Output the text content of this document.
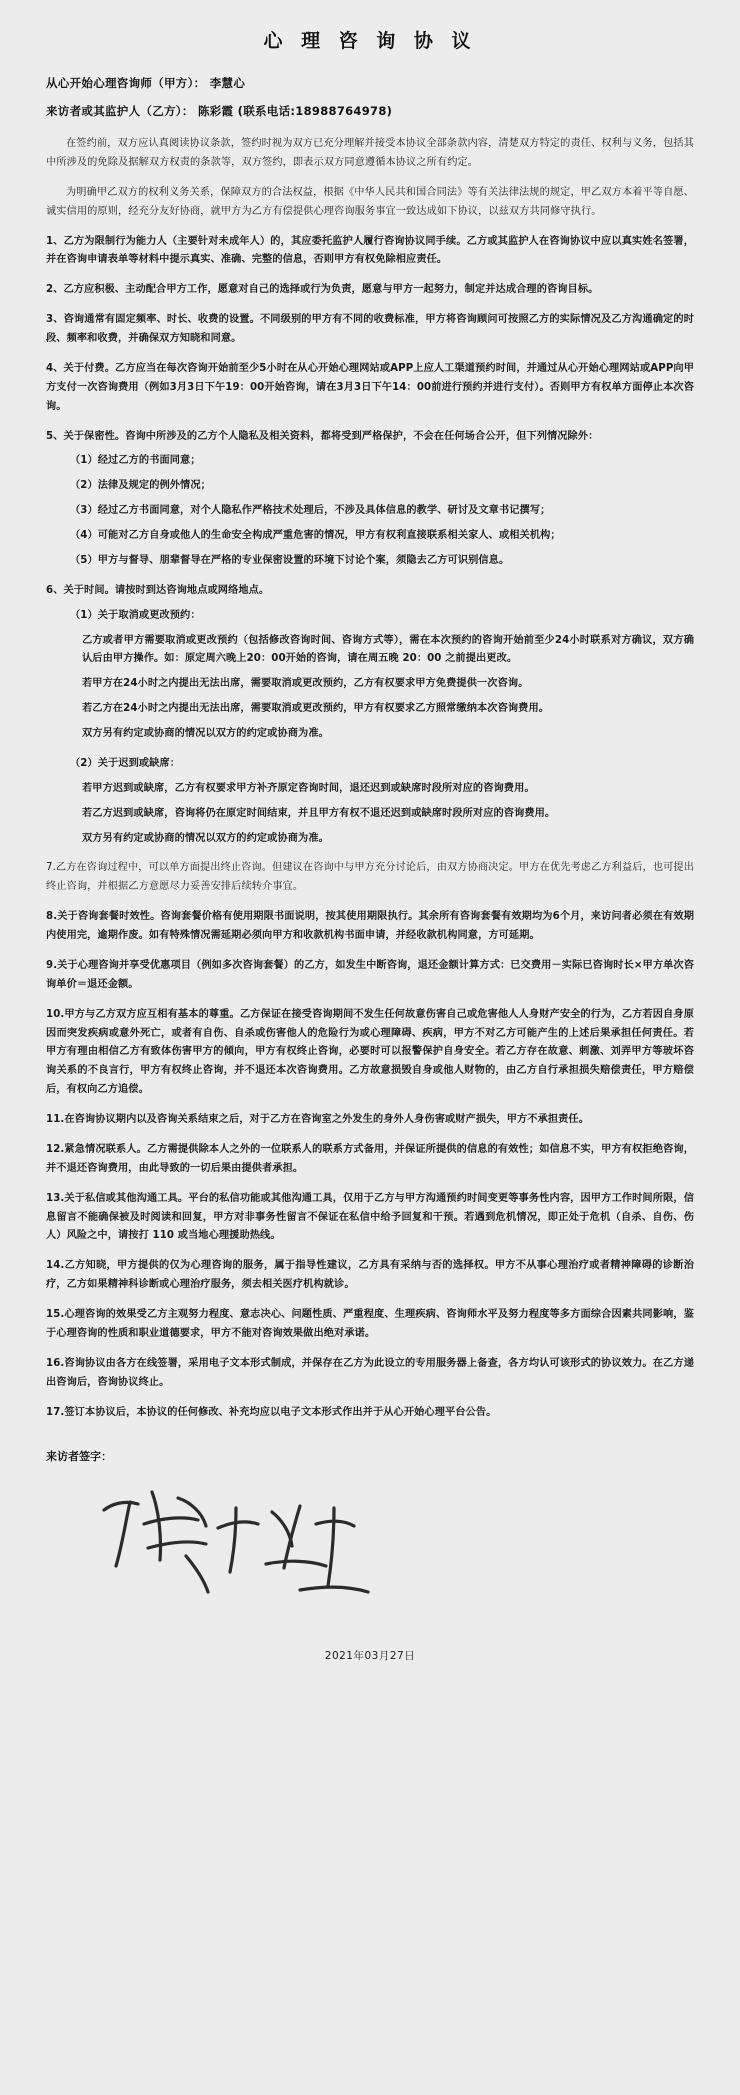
心 理 咨 询 协 议
从心开始心理咨询师（甲方）： 李慧心
来访者或其监护人（乙方）： 陈彩霞 (联系电话:18988764978)

在签约前，双方应认真阅读协议条款，签约时视为双方已充分理解并接受本协议全部条款内容，清楚双方特定的责任、权利与义务，包括其中所涉及的免除及据解双方权责的条款等，双方签约，即表示双方同意遵循本协议之所有约定。

为明确甲乙双方的权利义务关系，保障双方的合法权益，根据《中华人民共和国合同法》等有关法律法规的规定，甲乙双方本着平等自愿、诚实信用的原则，经充分友好协商，就甲方为乙方有偿提供心理咨询服务事宜一致达成如下协议，以兹双方共同修守执行。

1、乙方为限制行为能力人（主要针对未成年人）的，其应委托监护人履行咨询协议同手续。乙方或其监护人在咨询协议中应以真实姓名签署，并在咨询申请表单等材料中提示真实、准确、完整的信息，否则甲方有权免除相应责任。

2、乙方应积极、主动配合甲方工作，愿意对自己的选择或行为负责，愿意与甲方一起努力，制定并达成合理的咨询目标。

3、咨询通常有固定频率、时长、收费的设置。不同级别的甲方有不同的收费标准，甲方将咨询顾问可按照乙方的实际情况及乙方沟通确定的时段、频率和收费，并确保双方知晓和同意。

4、关于付费。乙方应当在每次咨询开始前至少5小时在从心开始心理网站或APP上应人工渠道预约时间，并通过从心开始心理网站或APP向甲方支付一次咨询费用（例如3月3日下午19：00开始咨询，请在3月3日下午14：00前进行预约并进行支付）。否则甲方有权单方面停止本次咨询。

5、关于保密性。咨询中所涉及的乙方个人隐私及相关资料，都将受到严格保护，不会在任何场合公开，但下列情况除外：

（1）经过乙方的书面同意；

（2）法律及规定的例外情况；

（3）经过乙方书面同意，对个人隐私作严格技术处理后，不涉及具体信息的教学、研讨及文章书记撰写；

（4）可能对乙方自身或他人的生命安全构成严重危害的情况，甲方有权利直接联系相关家人、或相关机构；

（5）甲方与督导、朋辈督导在严格的专业保密设置的环境下讨论个案，须隐去乙方可识别信息。

6、关于时间。请按时到达咨询地点或网络地点。

（1）关于取消或更改预约：

乙方或者甲方需要取消或更改预约（包括修改咨询时间、咨询方式等），需在本次预约的咨询开始前至少24小时联系对方确议，双方确认后由甲方操作。如：原定周六晚上20：00开始的咨询，请在周五晚 20：00 之前提出更改。

若甲方在24小时之内提出无法出席，需要取消或更改预约，乙方有权要求甲方免费提供一次咨询。

若乙方在24小时之内提出无法出席，需要取消或更改预约，甲方有权要求乙方照常缴纳本次咨询费用。

双方另有约定或协商的情况以双方的约定或协商为准。

（2）关于迟到或缺席：

若甲方迟到或缺席，乙方有权要求甲方补齐原定咨询时间，退还迟到或缺席时段所对应的咨询费用。

若乙方迟到或缺席，咨询将仍在原定时间结束，并且甲方有权不退还迟到或缺席时段所对应的咨询费用。

双方另有约定或协商的情况以双方的约定或协商为准。

7.乙方在咨询过程中，可以单方面提出终止咨询。但建议在咨询中与甲方充分讨论后，由双方协商决定。甲方在优先考虑乙方利益后，也可提出终止咨询，并根据乙方意愿尽力妥善安排后续转介事宜。

8.关于咨询套餐时效性。咨询套餐价格有使用期限书面说明，按其使用期限执行。其余所有咨询套餐有效期均为6个月，来访问者必须在有效期内使用完，逾期作废。如有特殊情况需延期必须向甲方和收款机构书面申请，并经收款机构同意，方可延期。

9.关于心理咨询并享受优惠项目（例如多次咨询套餐）的乙方，如发生中断咨询，退还金额计算方式：已交费用－实际已咨询时长×甲方单次咨询单价＝退还金额。

10.甲方与乙方双方应互相有基本的尊重。乙方保证在接受咨询期间不发生任何故意伤害自己或危害他人人身财产安全的行为，乙方若因自身原因而突发疾病或意外死亡，或者有自伤、自杀或伤害他人的危险行为或心理障碍、疾病，甲方不对乙方可能产生的上述后果承担任何责任。若甲方有理由相信乙方有致体伤害甲方的倾向，甲方有权终止咨询，必要时可以报警保护自身安全。若乙方存在故意、刺激、刘弄甲方等玻坏咨询关系的不良言行，甲方有权终止咨询，并不退还本次咨询费用。乙方故意损毁自身或他人财物的，由乙方自行承担损失赔偿责任，甲方赔偿后，有权向乙方追偿。

11.在咨询协议期内以及咨询关系结束之后，对于乙方在咨询室之外发生的身外人身伤害或财产损失，甲方不承担责任。

12.紧急情况联系人。乙方需提供除本人之外的一位联系人的联系方式备用，并保证所提供的信息的有效性；如信息不实，甲方有权拒绝咨询，并不退还咨询费用，由此导致的一切后果由提供者承担。

13.关于私信或其他沟通工具。平台的私信功能或其他沟通工具，仅用于乙方与甲方沟通预约时间变更等事务性内容，因甲方工作时间所限，信息留言不能确保被及时阅读和回复，甲方对非事务性留言不保证在私信中给予回复和干预。若遇到危机情况，即正处于危机（自杀、自伤、伤人）风险之中，请按打 110 或当地心理援助热线。

14.乙方知晓，甲方提供的仅为心理咨询的服务，属于指导性建议，乙方具有采纳与否的选择权。甲方不从事心理治疗或者精神障碍的诊断治疗，乙方如果精神科诊断或心理治疗服务，须去相关医疗机构就诊。

15.心理咨询的效果受乙方主观努力程度、意志决心、问题性质、严重程度、生理疾病、咨询师水平及努力程度等多方面综合因素共同影响，鉴于心理咨询的性质和职业道德要求，甲方不能对咨询效果做出绝对承诺。

16.咨询协议由各方在线签署，采用电子文本形式制成，并保存在乙方为此设立的专用服务器上备查，各方均认可该形式的协议效力。在乙方递出咨询后，咨询协议终止。

17.签订本协议后，本协议的任何修改、补充均应以电子文本形式作出并于从心开始心理平台公告。

来访者签字：
2021年03月27日
